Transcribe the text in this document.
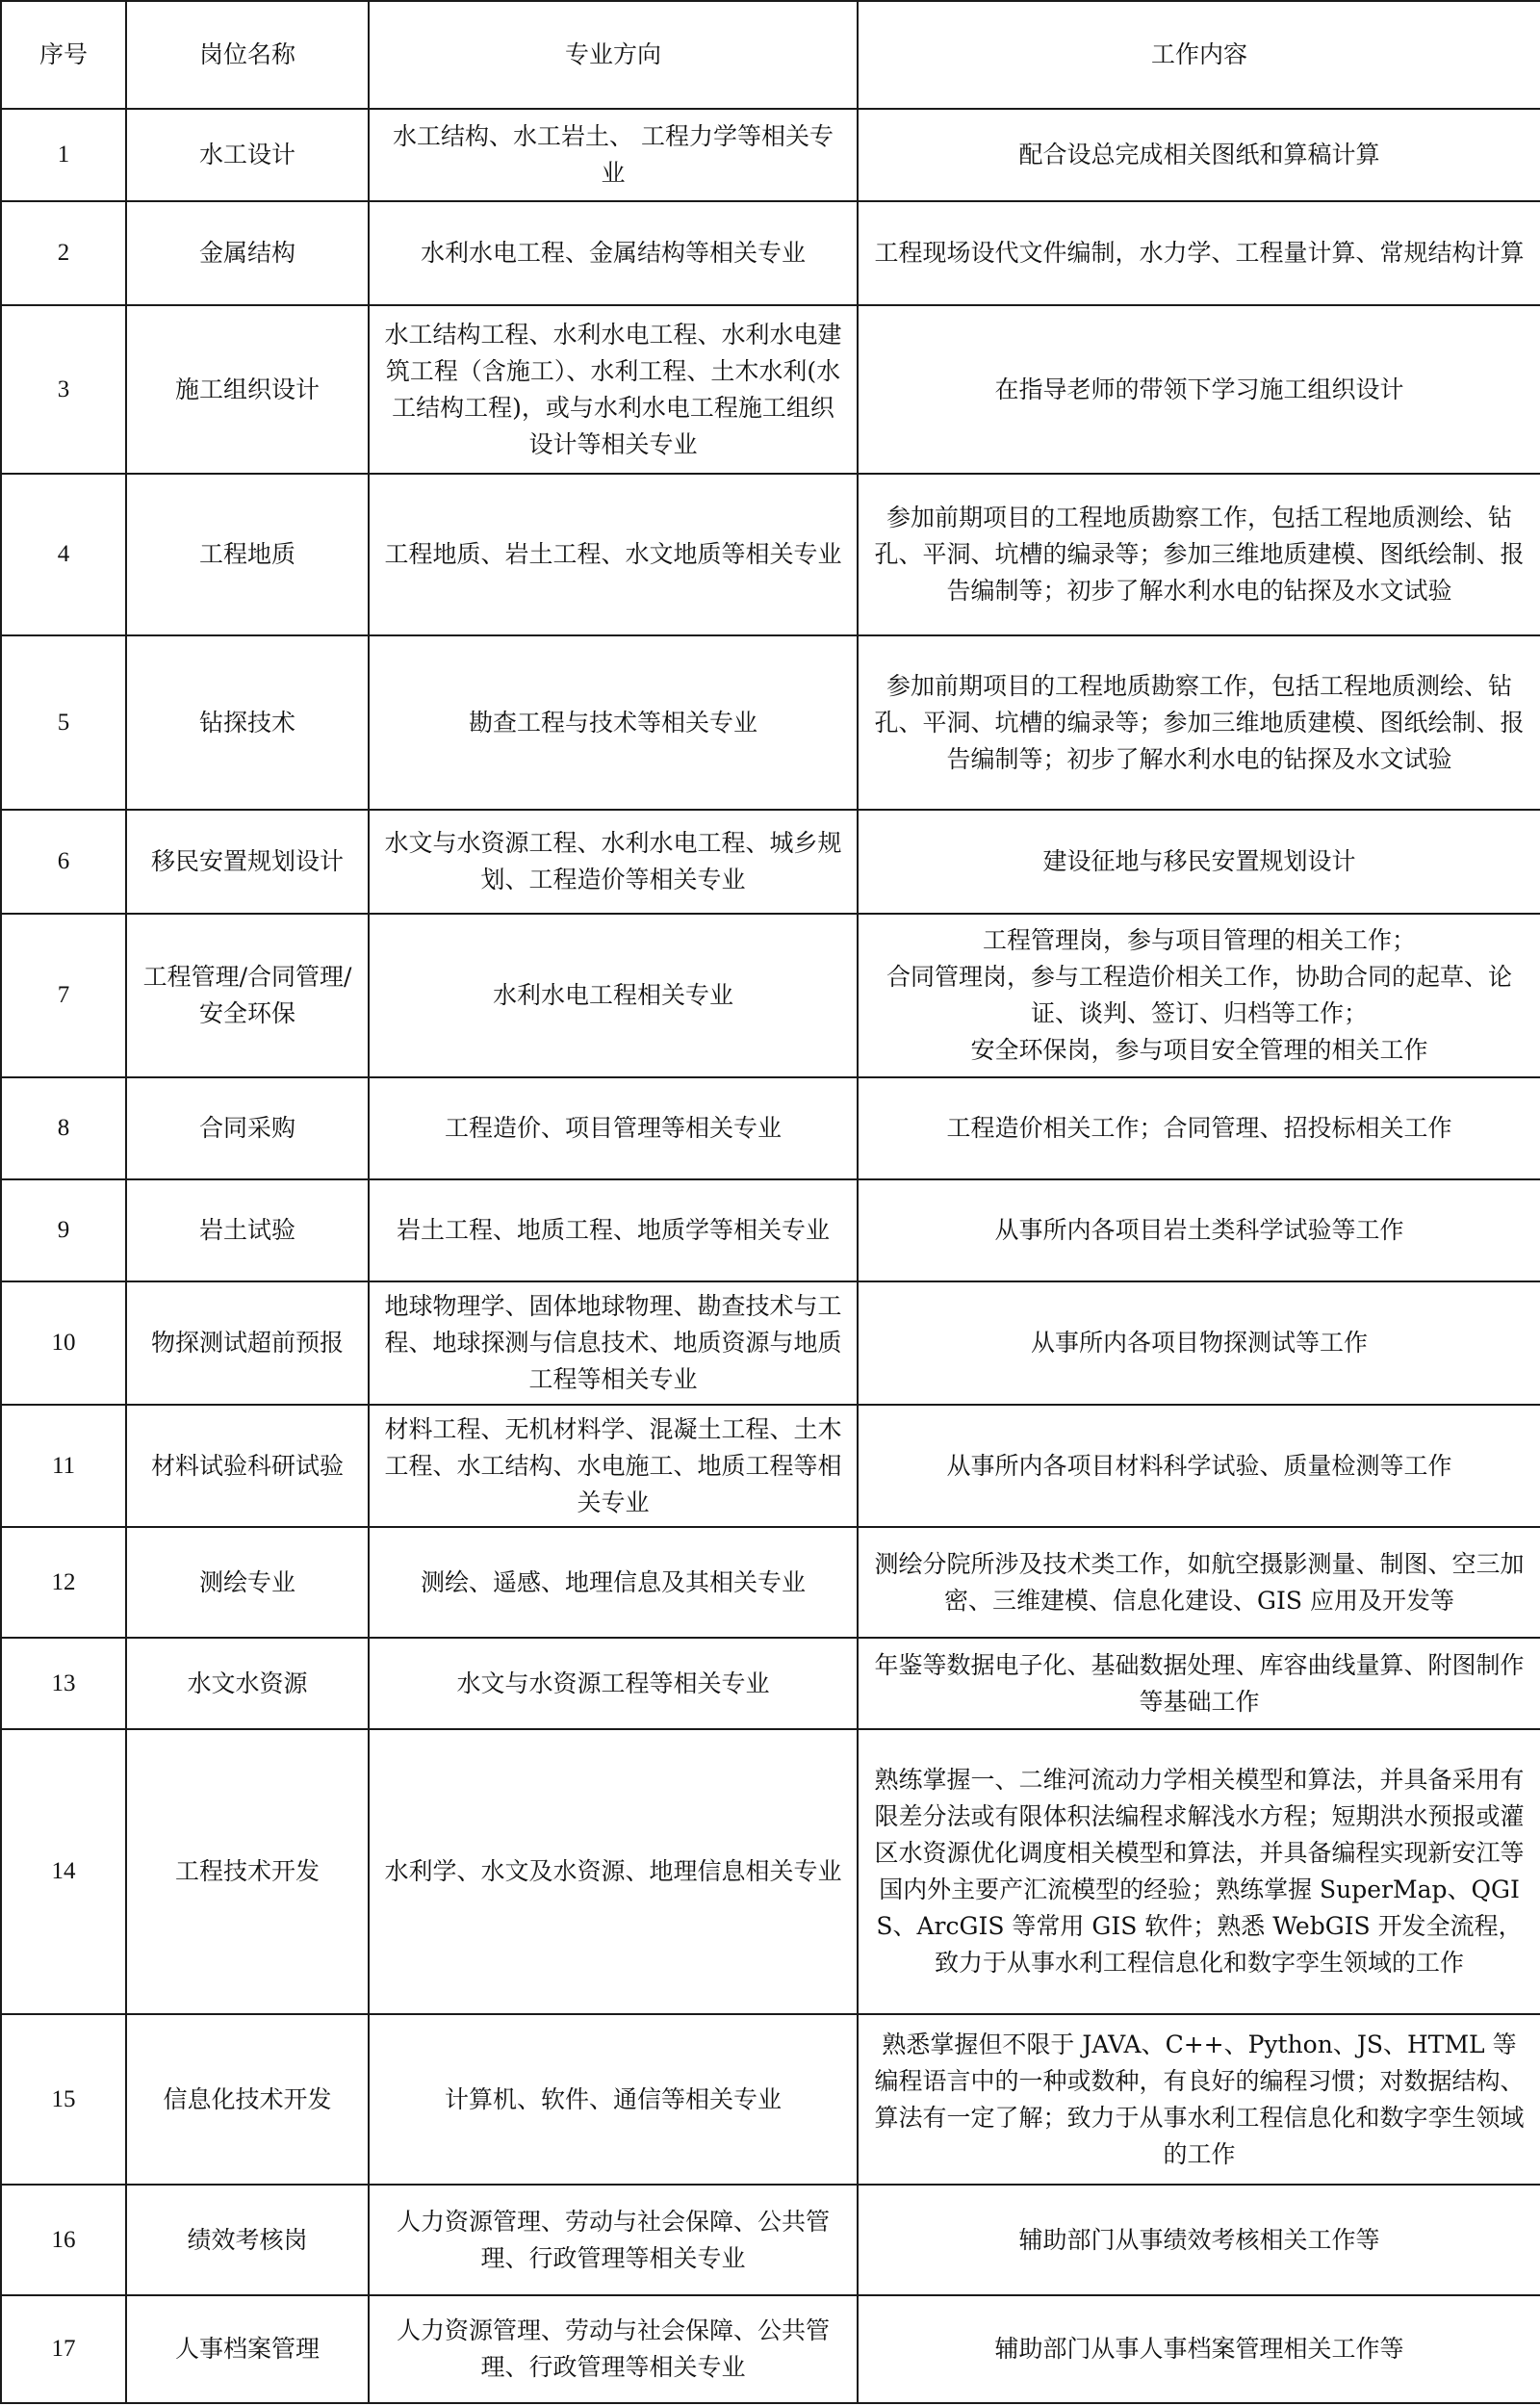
序号	岗位名称	专业方向	工作内容
1	水工设计	水工结构、水工岩土、 工程力学等相关专业	配合设总完成相关图纸和算稿计算
2	金属结构	水利水电工程、金属结构等相关专业	工程现场设代文件编制，水力学、工程量计算、常规结构计算
3	施工组织设计	水工结构工程、水利水电工程、水利水电建筑工程（含施工）、水利工程、土木水利(水工结构工程)，或与水利水电工程施工组织设计等相关专业	在指导老师的带领下学习施工组织设计
4	工程地质	工程地质、岩土工程、水文地质等相关专业	参加前期项目的工程地质勘察工作，包括工程地质测绘、钻孔、平洞、坑槽的编录等；参加三维地质建模、图纸绘制、报告编制等；初步了解水利水电的钻探及水文试验
5	钻探技术	勘查工程与技术等相关专业	参加前期项目的工程地质勘察工作，包括工程地质测绘、钻孔、平洞、坑槽的编录等；参加三维地质建模、图纸绘制、报告编制等；初步了解水利水电的钻探及水文试验
6	移民安置规划设计	水文与水资源工程、水利水电工程、城乡规划、工程造价等相关专业	建设征地与移民安置规划设计
7	工程管理/合同管理/安全环保	水利水电工程相关专业	工程管理岗，参与项目管理的相关工作；
合同管理岗，参与工程造价相关工作，协助合同的起草、论证、谈判、签订、归档等工作；
安全环保岗，参与项目安全管理的相关工作
8	合同采购	工程造价、项目管理等相关专业	工程造价相关工作；合同管理、招投标相关工作
9	岩土试验	岩土工程、地质工程、地质学等相关专业	从事所内各项目岩土类科学试验等工作
10	物探测试超前预报	地球物理学、固体地球物理、勘查技术与工程、地球探测与信息技术、地质资源与地质工程等相关专业	从事所内各项目物探测试等工作
11	材料试验科研试验	材料工程、无机材料学、混凝土工程、土木工程、水工结构、水电施工、地质工程等相关专业	从事所内各项目材料科学试验、质量检测等工作
12	测绘专业	测绘、遥感、地理信息及其相关专业	测绘分院所涉及技术类工作，如航空摄影测量、制图、空三加密、三维建模、信息化建设、GIS 应用及开发等
13	水文水资源	水文与水资源工程等相关专业	年鉴等数据电子化、基础数据处理、库容曲线量算、附图制作等基础工作
14	工程技术开发	水利学、水文及水资源、地理信息相关专业	熟练掌握一、二维河流动力学相关模型和算法，并具备采用有限差分法或有限体积法编程求解浅水方程；短期洪水预报或灌区水资源优化调度相关模型和算法，并具备编程实现新安江等国内外主要产汇流模型的经验；熟练掌握 SuperMap、QGIS、ArcGIS 等常用 GIS 软件；熟悉 WebGIS 开发全流程，致力于从事水利工程信息化和数字孪生领域的工作
15	信息化技术开发	计算机、软件、通信等相关专业	熟悉掌握但不限于 JAVA、C++、Python、JS、HTML 等编程语言中的一种或数种，有良好的编程习惯；对数据结构、算法有一定了解；致力于从事水利工程信息化和数字孪生领域的工作
16	绩效考核岗	人力资源管理、劳动与社会保障、公共管理、行政管理等相关专业	辅助部门从事绩效考核相关工作等
17	人事档案管理	人力资源管理、劳动与社会保障、公共管理、行政管理等相关专业	辅助部门从事人事档案管理相关工作等
